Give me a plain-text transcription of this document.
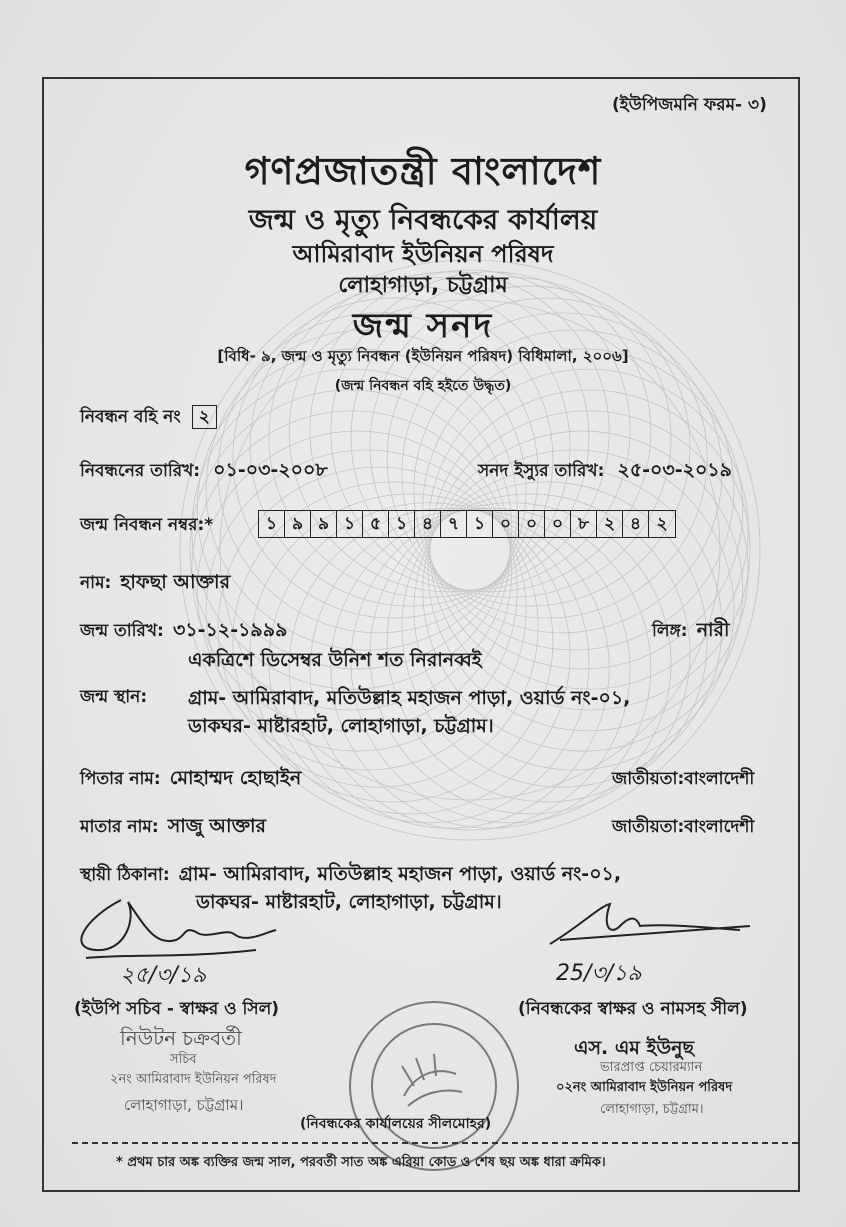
(ইউপিজমনি ফরম- ৩)
গণপ্রজাতন্ত্রী বাংলাদেশ
জন্ম ও মৃত্যু নিবন্ধকের কার্যালয়
আমিরাবাদ ইউনিয়ন পরিষদ
লোহাগাড়া, চট্টগ্রাম
জন্ম সনদ
[বিধি- ৯, জন্ম ও মৃত্যু নিবন্ধন (ইউনিয়ন পরিষদ) বিধিমালা, ২০০৬]
(জন্ম নিবন্ধন বহি হইতে উদ্ধৃত)
নিবন্ধন বহি নং ২
নিবন্ধনের তারিখ: ০১-০৩-২০০৮	সনদ ইস্যুর তারিখ: ২৫-০৩-২০১৯
জন্ম নিবন্ধন নম্বর:*	১ ৯ ৯ ১ ৫ ১ ৪ ৭ ১ ০ ০ ০ ৮ ২ ৪ ২
নাম: হাফছা আক্তার
জন্ম তারিখ: ৩১-১২-১৯৯৯	লিঙ্গ: নারী
একত্রিশে ডিসেম্বর উনিশ শত নিরানব্বই
জন্ম স্থান: গ্রাম- আমিরাবাদ, মতিউল্লাহ মহাজন পাড়া, ওয়ার্ড নং-০১,
ডাকঘর- মাষ্টারহাট, লোহাগাড়া, চট্টগ্রাম।
পিতার নাম: মোহাম্মদ হোছাইন	জাতীয়তা:বাংলাদেশী
মাতার নাম: সাজু আক্তার	জাতীয়তা:বাংলাদেশী
স্থায়ী ঠিকানা: গ্রাম- আমিরাবাদ, মতিউল্লাহ মহাজন পাড়া, ওয়ার্ড নং-০১,
ডাকঘর- মাষ্টারহাট, লোহাগাড়া, চট্টগ্রাম।
২৫/৩/১৯	25/৩/১৯
(ইউপি সচিব - স্বাক্ষর ও সিল)	(নিবন্ধকের স্বাক্ষর ও নামসহ সীল)
নিউটন চক্রবর্তী
সচিব
২নং আমিরাবাদ ইউনিয়ন পরিষদ
লোহাগাড়া, চট্টগ্রাম।
এস. এম ইউনুছ
ভারপ্রাপ্ত চেয়ারম্যান
০২নং আমিরাবাদ ইউনিয়ন পরিষদ
লোহাগাড়া, চট্টগ্রাম।
(নিবন্ধকের কার্যালয়ের সীলমোহর)
* প্রথম চার অঙ্ক ব্যক্তির জন্ম সাল, পরবর্তী সাত অঙ্ক এরিয়া কোড ও শেষ ছয় অঙ্ক ধারা ক্রমিক।
